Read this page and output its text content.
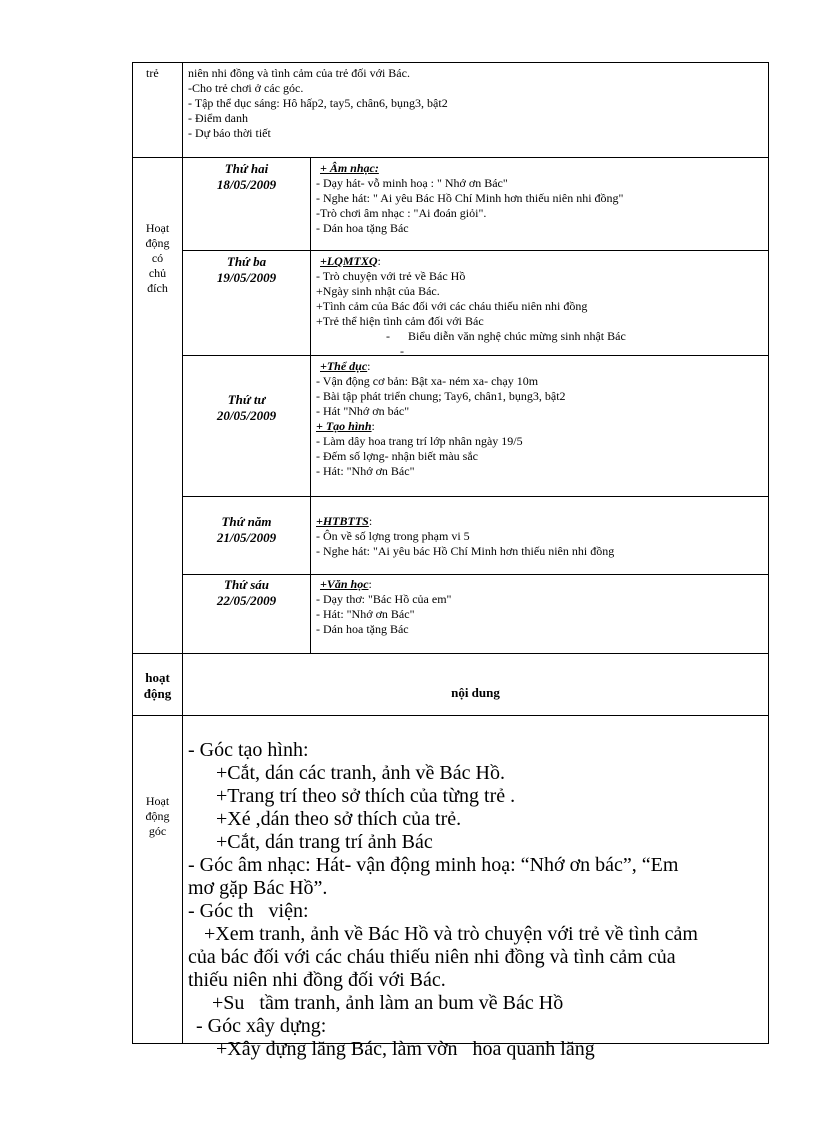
trẻ	niên nhi đồng và tình cảm của trẻ đối với Bác.
-Cho trẻ chơi ở các góc.
- Tập thể dục sáng: Hô hấp2, tay5, chân6, bụng3, bật2
- Điểm danh
- Dự báo thời tiết
Hoạt
động
có
chủ
đích
Thứ hai
18/05/2009
+ Âm nhạc:
- Dạy hát- vỗ minh hoạ : " Nhớ ơn Bác"
- Nghe hát: " Ai yêu Bác Hồ Chí Minh hơn thiếu niên nhi đồng"
-Trò chơi âm nhạc : "Ai đoán giỏi".
- Dán hoa tặng Bác
Thứ ba
19/05/2009
+LQMTXQ:
- Trò chuyện với trẻ về Bác Hồ
+Ngày sinh nhật của Bác.
+Tình cảm của Bác đối với các cháu thiếu niên nhi đồng
+Trẻ thể hiện tình cảm đối với Bác
-      Biểu diễn văn nghệ chúc mừng sinh nhật Bác
-
Thứ tư
20/05/2009
+Thể dục:
- Vận động cơ bản: Bật xa- ném xa- chạy 10m
- Bài tập phát triển chung; Tay6, chân1, bụng3, bật2
- Hát "Nhớ ơn bác"
+ Tạo hình:
- Làm dây hoa trang trí lớp nhân ngày 19/5
- Đếm số lợng- nhận biết màu sắc
- Hát: "Nhớ ơn Bác"
Thứ năm
21/05/2009
+HTBTTS:
- Ôn về số lợng trong phạm vi 5
- Nghe hát: "Ai yêu bác Hồ Chí Minh hơn thiếu niên nhi đồng
Thứ sáu
22/05/2009
+Văn học:
- Dạy thơ: "Bác Hồ của em"
- Hát: "Nhớ ơn Bác"
- Dán hoa tặng Bác
hoạt
động	nội dung
Hoạt
động
góc
- Góc tạo hình:
+Cắt, dán các tranh, ảnh về Bác Hồ.
+Trang trí theo sở thích của từng trẻ .
+Xé ,dán theo sở thích của trẻ.
+Cắt, dán trang trí ảnh Bác
- Góc âm nhạc: Hát- vận động minh hoạ: “Nhớ ơn bác”, “Em
mơ gặp Bác Hồ”.
- Góc th   viện:
+Xem tranh, ảnh về Bác Hồ và trò chuyện với trẻ về tình cảm
của bác đối với các cháu thiếu niên nhi đồng và tình cảm của
thiếu niên nhi đồng đối với Bác.
+Su   tầm tranh, ảnh làm an bum về Bác Hồ
- Góc xây dựng:
+Xây dựng lăng Bác, làm vờn   hoa quanh lăng
